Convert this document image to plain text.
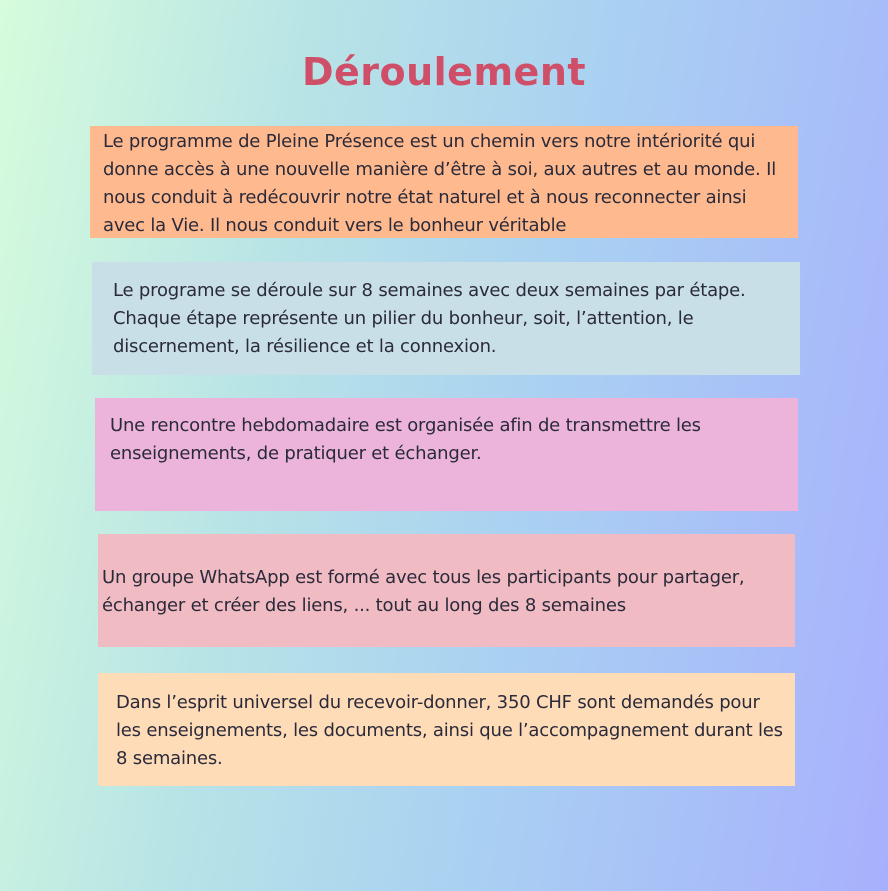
Déroulement

Le programme de Pleine Présence est un chemin vers notre intériorité qui donne accès à une nouvelle manière d’être à soi, aux autres et au monde. Il nous conduit à redécouvrir notre état naturel et à nous reconnecter ainsi avec la Vie. Il nous conduit vers le bonheur véritable

Le programe se déroule sur 8 semaines avec deux semaines par étape. Chaque étape représente un pilier du bonheur, soit, l’attention, le discernement, la résilience et la connexion.

Une rencontre hebdomadaire est organisée afin de transmettre les enseignements, de pratiquer et échanger.

Un groupe WhatsApp est formé avec tous les participants pour partager, échanger et créer des liens, ... tout au long des 8 semaines

Dans l’esprit universel du recevoir-donner, 350 CHF sont demandés pour les enseignements, les documents, ainsi que l’accompagnement durant les 8 semaines.
